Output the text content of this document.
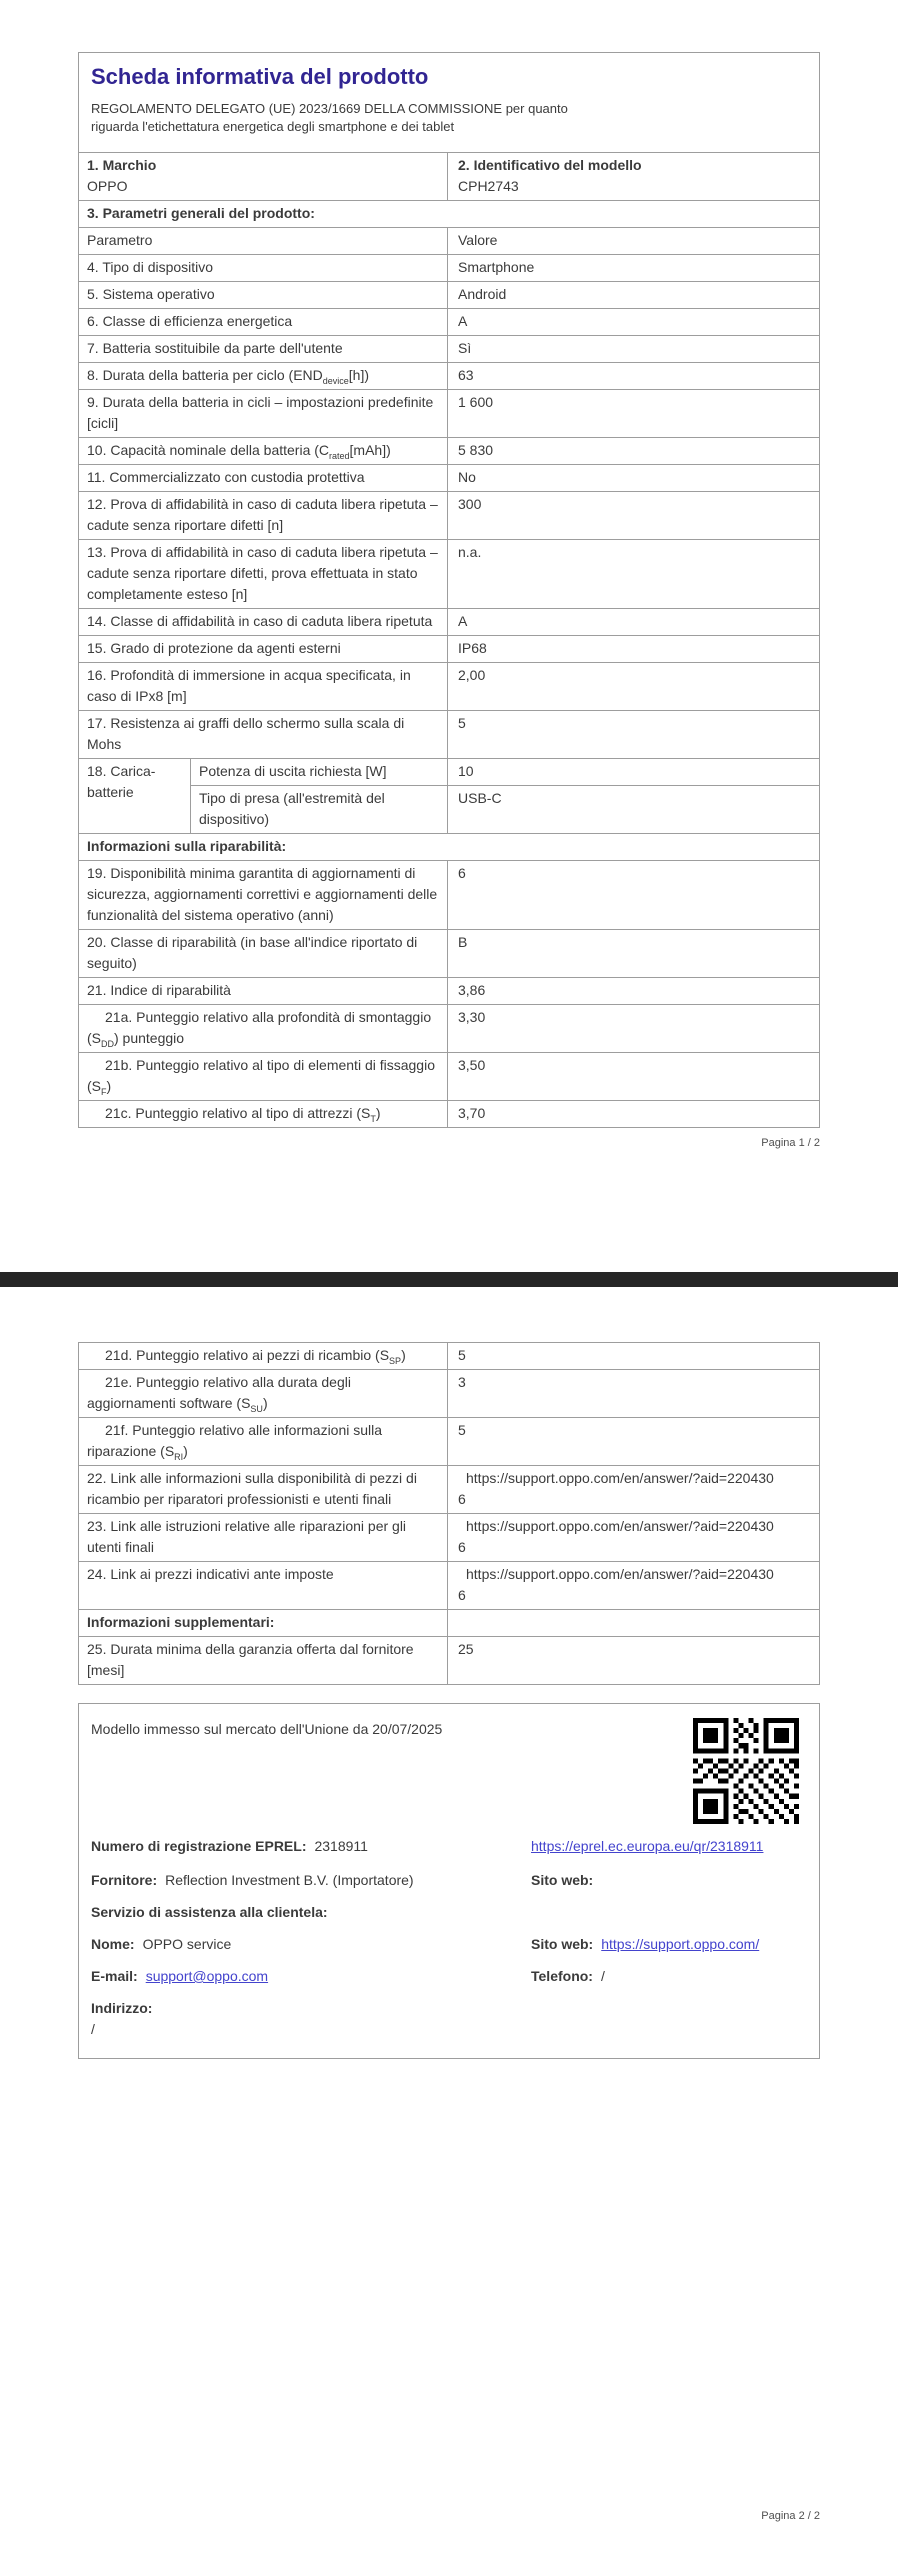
Scheda informativa del prodotto

REGOLAMENTO DELEGATO (UE) 2023/1669 DELLA COMMISSIONE per quanto riguarda l'etichettatura energetica degli smartphone e dei tablet

1. Marchio
OPPO

2. Identificativo del modello
CPH2743

3. Parametri generali del prodotto:		
Parametro		Valore
4. Tipo di dispositivo		Smartphone
5. Sistema operativo		Android
6. Classe di efficienza energetica		A
7. Batteria sostituibile da parte dell'utente		Sì
8. Durata della batteria per ciclo $(END_{device}[h])$		63
9. Durata della batteria in cicli – impostazioni predefinite [cicli]		1 600
10. Capacità nominale della batteria $(C_{rated}[mAh])$		5 830
11. Commercializzato con custodia protettiva		No
12. Prova di affidabilità in caso di caduta libera ripetuta – cadute senza riportare difetti [n]		300
13. Prova di affidabilità in caso di caduta libera ripetuta – cadute senza riportare difetti, prova effettuata in stato completamente esteso [n]		n.a.
14. Classe di affidabilità in caso di caduta libera ripetuta		A
15. Grado di protezione da agenti esterni		IP68
16. Profondità di immersione in acqua specificata, in caso di IPx8 [m]		2,00
17. Resistenza ai graffi dello schermo sulla scala di Mohs		5
18. Carica-batterie	Potenza di uscita richiesta [W]	10
	Tipo di presa (all'estremità del dispositivo)	USB-C
Informazioni sulla riparabilità:		
19. Disponibilità minima garantita di aggiornamenti di sicurezza, aggiornamenti correttivi e aggiornamenti delle funzionalità del sistema operativo (anni)		6
20. Classe di riparabilità (in base all'indice riportato di seguito)		B
21. Indice di riparabilità		3,86
21a. Punteggio relativo alla profondità di smontaggio $(S_{DD})$ punteggio		3,30
21b. Punteggio relativo al tipo di elementi di fissaggio $(S_F)$		3,50
21c. Punteggio relativo al tipo di attrezzi $(S_T)$		3,70
Pagina 1 / 2
21d. Punteggio relativo ai pezzi di ricambio $(S_{SP})$	5
21e. Punteggio relativo alla durata degli aggiornamenti software $(S_{SU})$	3
21f. Punteggio relativo alle informazioni sulla riparazione $(S_{RI})$	5
22. Link alle informazioni sulla disponibilità di pezzi di ricambio per riparatori professionisti e utenti finali	https://support.oppo.com/en/answer/?aid=2204306
23. Link alle istruzioni relative alle riparazioni per gli utenti finali	https://support.oppo.com/en/answer/?aid=2204306
24. Link ai prezzi indicativi ante imposte	https://support.oppo.com/en/answer/?aid=2204306
Informazioni supplementari:	
25. Durata minima della garanzia offerta dal fornitore [mesi]	25
Modello immesso sul mercato dell'Unione da 20/07/2025
Numero di registrazione EPREL: 2318911	https://eprel.ec.europa.eu/qr/2318911
Fornitore: Reflection Investment B.V. (Importatore)	Sito web:
Servizio di assistenza alla clientela:
Nome: OPPO service	Sito web: https://support.oppo.com/
E-mail: support@oppo.com	Telefono: /
Indirizzo:
/
Pagina 2 / 2
